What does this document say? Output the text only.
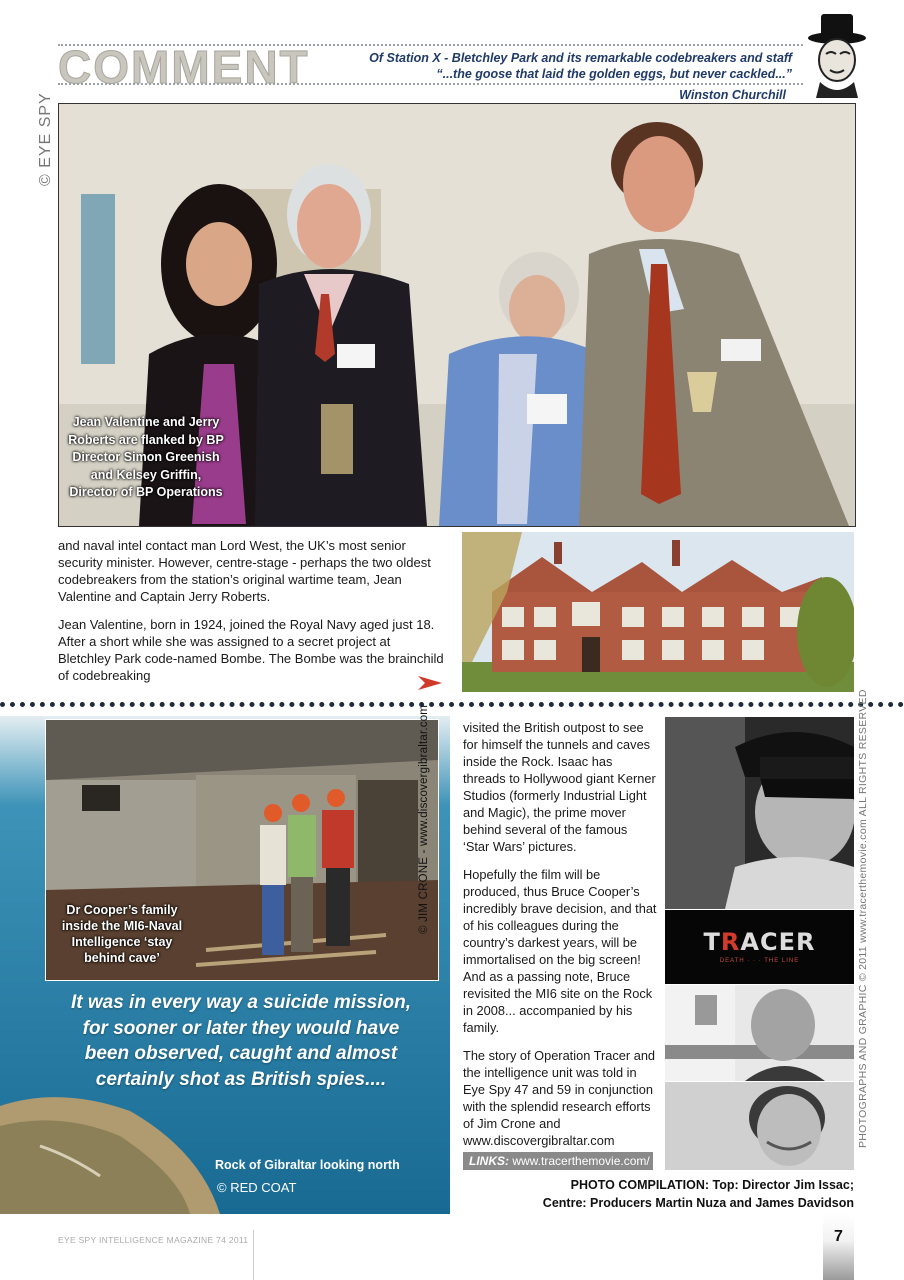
COMMENT	Of Station X - Bletchley Park and its remarkable codebreakers and staff
“...the goose that laid the golden eggs, but never cackled...”
Winston Churchill
© EYE SPY
Jean Valentine and Jerry Roberts are flanked by BP Director Simon Greenish and Kelsey Griffin, Director of BP Operations

and naval intel contact man Lord West, the UK’s most senior security minister. However, centre-stage - perhaps the two oldest codebreakers from the station’s original wartime team, Jean Valentine and Captain Jerry Roberts.

Jean Valentine, born in 1924, joined the Royal Navy aged just 18. After a short while she was assigned to a secret project at Bletchley Park code-named Bombe. The Bombe was the brainchild of codebreaking

Dr Cooper’s family inside the MI6-Naval Intelligence ‘stay behind cave’
© JIM CRONE - www.discovergibraltar.com
It was in every way a suicide mission, for sooner or later they would have been observed, caught and almost certainly shot as British spies....
Rock of Gibraltar looking north
© RED COAT

visited the British outpost to see for himself the tunnels and caves inside the Rock. Isaac has threads to Hollywood giant Kerner Studios (formerly Industrial Light and Magic), the prime mover behind several of the famous ‘Star Wars’ pictures.

Hopefully the film will be produced, thus Bruce Cooper’s incredibly brave decision, and that of his colleagues during the country’s darkest years, will be immortalised on the big screen! And as a passing note, Bruce revisited the MI6 site on the Rock in 2008... accompanied by his family.

The story of Operation Tracer and the intelligence unit was told in Eye Spy 47 and 59 in conjunction with the splendid research efforts of Jim Crone and www.discovergibraltar.com

LINKS: www.tracerthemovie.com/
TRACER
DEATH · · · THE LINE	PHOTOGRAPHS AND GRAPHIC © 2011 www.tracerthemovie.com ALL RIGHTS RESERVED
PHOTO COMPILATION: Top: Director Jim Issac;
Centre: Producers Martin Nuza and James Davidson
EYE SPY INTELLIGENCE MAGAZINE 74 2011	7
